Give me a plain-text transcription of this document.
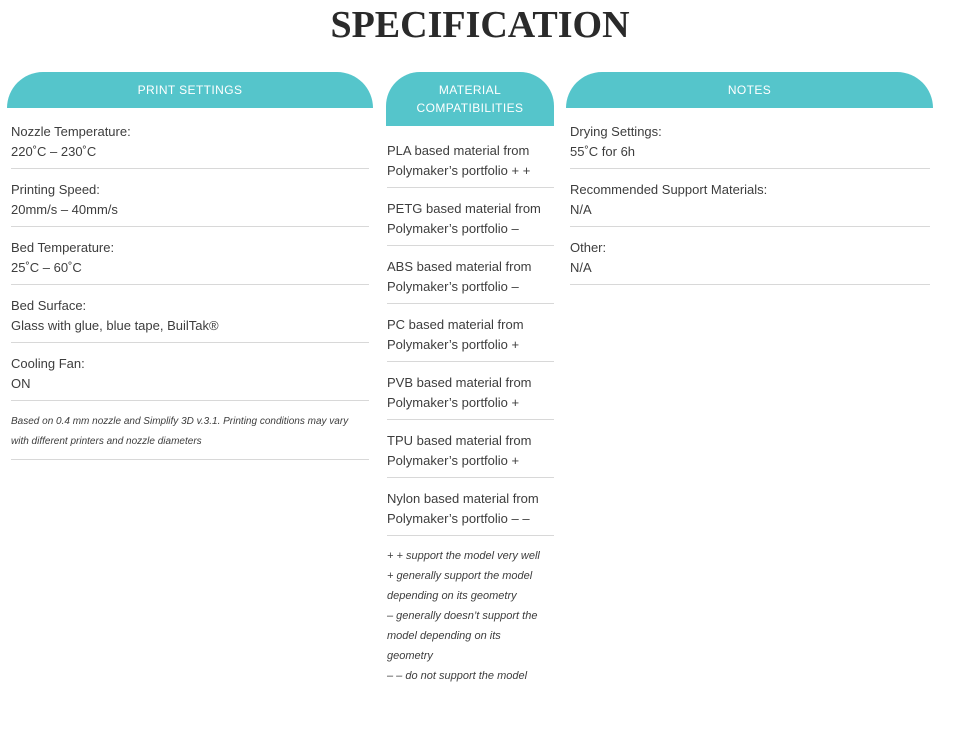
SPECIFICATION
PRINT SETTINGS
Nozzle Temperature:
220˚C – 230˚C
Printing Speed:
20mm/s – 40mm/s
Bed Temperature:
25˚C – 60˚C
Bed Surface:
Glass with glue, blue tape, BuilTak®
Cooling Fan:
ON
Based on 0.4 mm nozzle and Simplify 3D v.3.1. Printing conditions may vary
with different printers and nozzle diameters
MATERIAL
COMPATIBILITIES
PLA based material from
Polymaker’s portfolio + +
PETG based material from
Polymaker’s portfolio –
ABS based material from
Polymaker’s portfolio –
PC based material from
Polymaker’s portfolio +
PVB based material from
Polymaker’s portfolio +
TPU based material from
Polymaker’s portfolio +
Nylon based material from
Polymaker’s portfolio – –
+ + support the model very well
+ generally support the model
depending on its geometry
– generally doesn’t support the
model depending on its
geometry
– – do not support the model
NOTES
Drying Settings:
55˚C for 6h
Recommended Support Materials:
N/A
Other:
N/A
